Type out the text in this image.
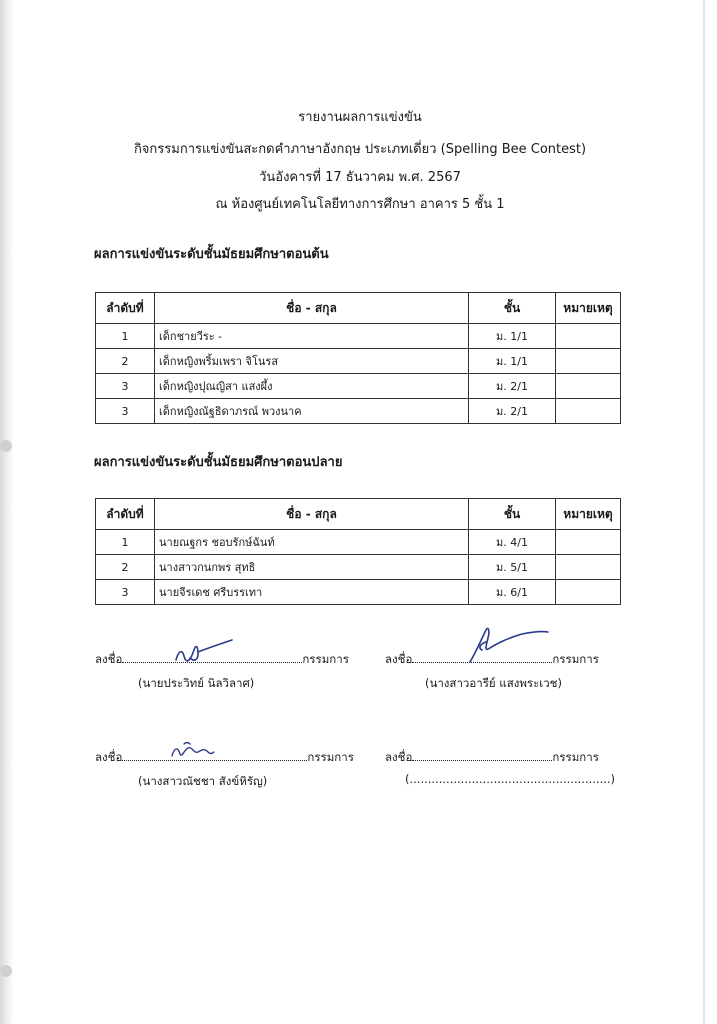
รายงานผลการแข่งขัน
กิจกรรมการแข่งขันสะกดคำภาษาอังกฤษ ประเภทเดี่ยว (Spelling Bee Contest)
วันอังคารที่ 17 ธันวาคม พ.ศ. 2567
ณ ห้องศูนย์เทคโนโลยีทางการศึกษา อาคาร 5 ชั้น 1
ผลการแข่งขันระดับชั้นมัธยมศึกษาตอนต้น
ลำดับที่	ชื่อ - สกุล	ชั้น	หมายเหตุ
1	เด็กชายวีระ -	ม. 1/1	
2	เด็กหญิงพริ้มเพรา จิโนรส	ม. 1/1	
3	เด็กหญิงปุณญิสา แสงผึ้ง	ม. 2/1	
3	เด็กหญิงณัฐธิดาภรณ์ พวงนาค	ม. 2/1	
ผลการแข่งขันระดับชั้นมัธยมศึกษาตอนปลาย
ลำดับที่	ชื่อ - สกุล	ชั้น	หมายเหตุ
1	นายณฐกร ชอบรักษ์ฉันท์	ม. 4/1	
2	นางสาวกนกพร สุทธิ	ม. 5/1	
3	นายจีรเดช ศรีบรรเทา	ม. 6/1	
ลงชื่อ	กรรมการ
(นายประวิทย์ นิลวิลาศ)
ลงชื่อ	กรรมการ
(นางสาวอารีย์ แสงพระเวช)
ลงชื่อ	กรรมการ
(นางสาวณัชชา สังข์หิรัญ)
ลงชื่อ	กรรมการ
(.......................................................)
